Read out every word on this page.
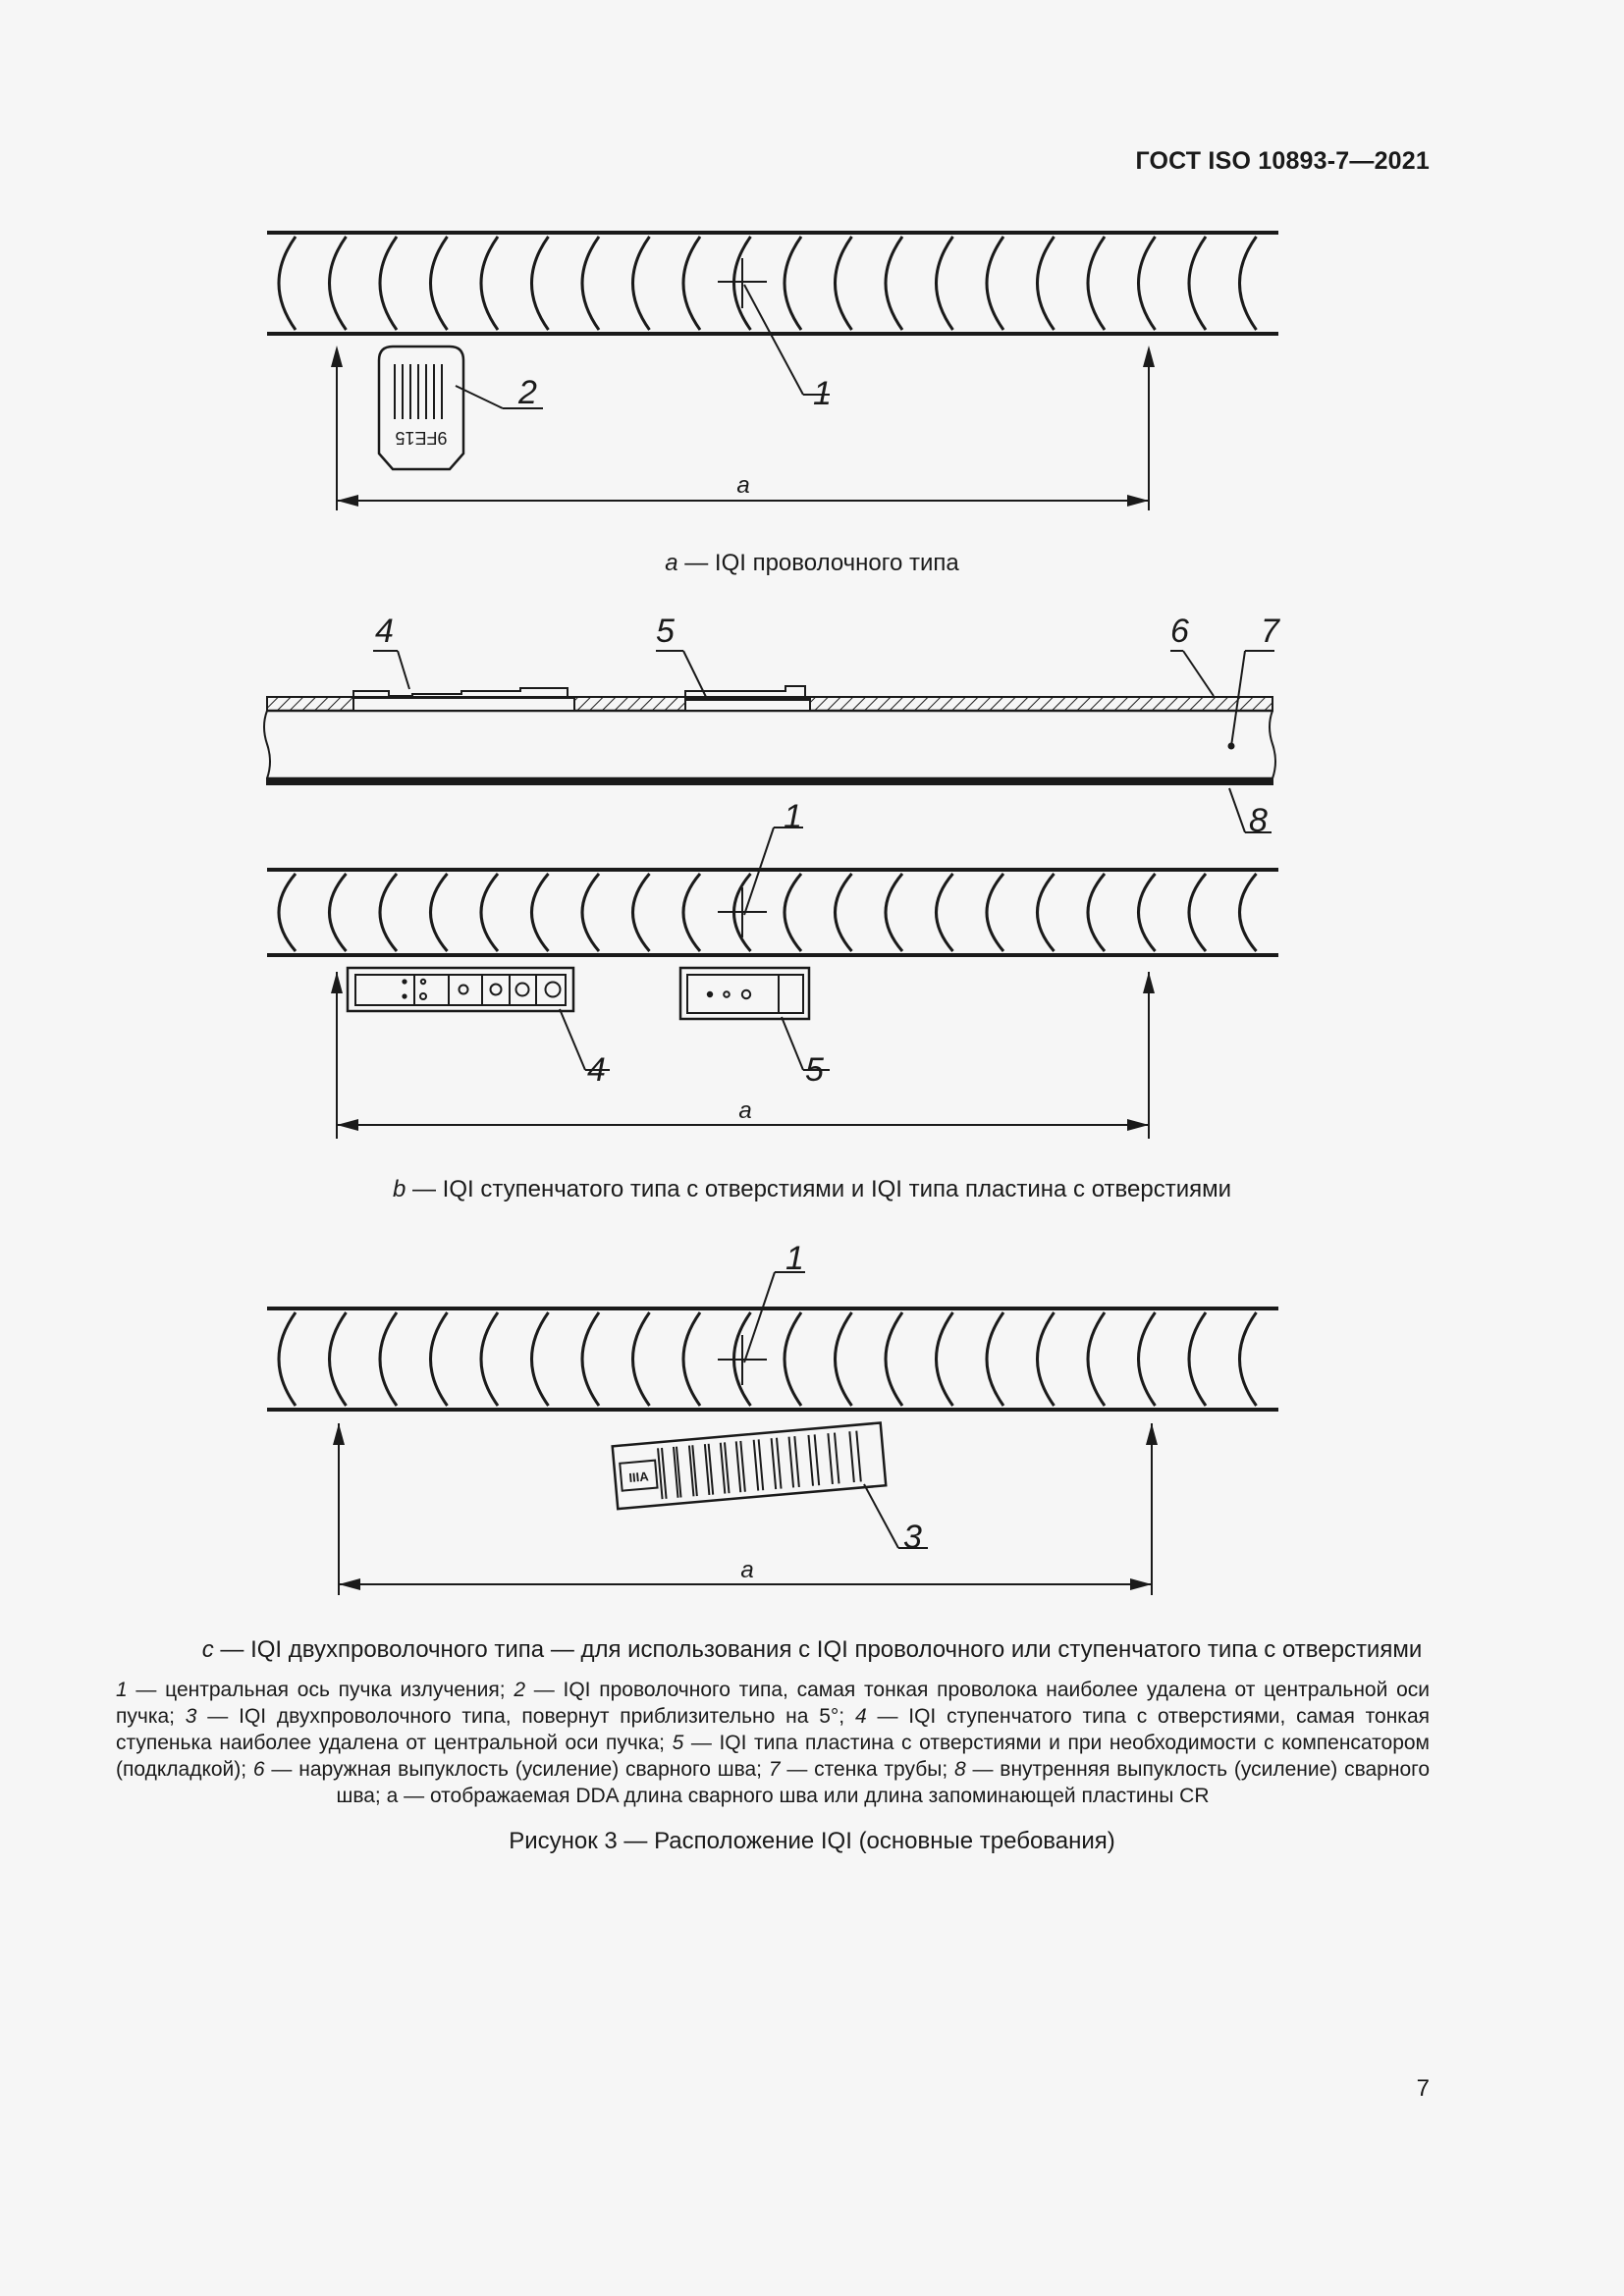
ГОСТ ISO 10893-7—2021
9FE15
1
2
a
4	5	6 7
8
1
4	5
a
IIIA
1
3
a
a — IQI проволочного типа
b — IQI ступенчатого типа с отверстиями и IQI типа пластина с отверстиями
c — IQI двухпроволочного типа — для использования с IQI проволочного или ступенчатого типа с отверстиями
1 — центральная ось пучка излучения; 2 — IQI проволочного типа, самая тонкая проволока наиболее удалена от центральной оси пучка; 3 — IQI двухпроволочного типа, повернут приблизительно на 5°; 4 — IQI ступенчатого типа с отверстиями, самая тонкая ступенька наиболее удалена от центральной оси пучка; 5 — IQI типа пластина с отверстиями и при необходимости с компенсатором (подкладкой); 6 — наружная выпуклость (усиление) сварного шва; 7 — стенка трубы; 8 — внутренняя выпуклость (усиление) сварного шва; а — отображаемая DDA длина сварного шва или длина запоминающей пластины CR
Рисунок 3 — Расположение IQI (основные требования)
7
